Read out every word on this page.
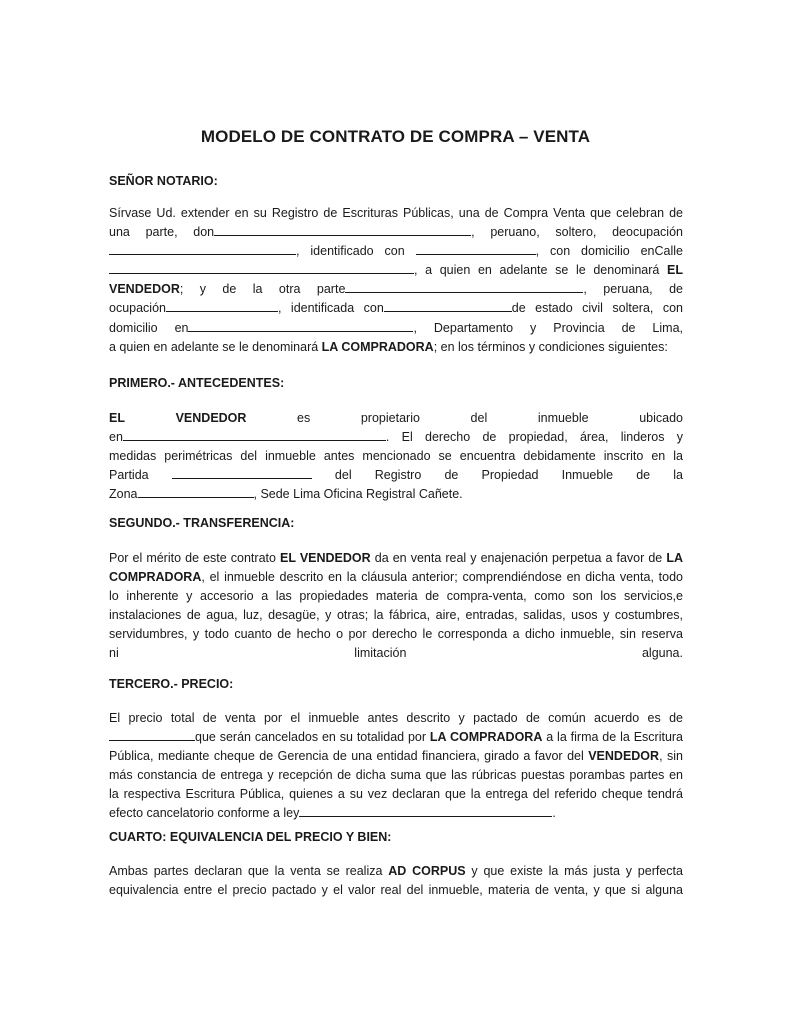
MODELO DE CONTRATO DE COMPRA – VENTA

SEÑOR NOTARIO:

Sírvase Ud. extender en su Registro de Escrituras Públicas, una de Compra Venta que celebran de
una parte, don	, peruano, soltero, deocupación
, identificado con	, con domicilio enCalle
, a quien en adelante se le denominará EL
VENDEDOR; y de la otra parte	, peruana, de
ocupación	, identificada con	de estado civil soltera, con
domicilio en	, Departamento y Provincia de Lima,
a quien en adelante se le denominará LA COMPRADORA; en los términos y condiciones siguientes:

PRIMERO.- ANTECEDENTES:

EL	VENDEDOR	es	propietario	del	inmueble	ubicado
en	. El derecho de propiedad, área, linderos y
medidas perimétricas del inmueble antes mencionado se encuentra debidamente inscrito en la
Partida	del Registro de Propiedad Inmueble de la
Zona	, Sede Lima Oficina Registral Cañete.

SEGUNDO.- TRANSFERENCIA:

Por el mérito de este contrato EL VENDEDOR da en venta real y enajenación perpetua a favor de LA
COMPRADORA, el inmueble descrito en la cláusula anterior; comprendiéndose en dicha venta, todo
lo inherente y accesorio a las propiedades materia de compra-venta, como son los servicios,e
instalaciones de agua, luz, desagüe, y otras; la fábrica, aire, entradas, salidas, usos y costumbres,
servidumbres, y todo cuanto de hecho o por derecho le corresponda a dicho inmueble, sin reserva
ni	limitación	alguna.

TERCERO.- PRECIO:

El precio total de venta por el inmueble antes descrito y pactado de común acuerdo es de
que serán cancelados en su totalidad por LA COMPRADORA a la firma de la Escritura
Pública, mediante cheque de Gerencia de una entidad financiera, girado a favor del VENDEDOR, sin
más constancia de entrega y recepción de dicha suma que las rúbricas puestas porambas partes en
la respectiva Escritura Pública, quienes a su vez declaran que la entrega del referido cheque tendrá
efecto cancelatorio conforme a ley	.

CUARTO: EQUIVALENCIA DEL PRECIO Y BIEN:

Ambas partes declaran que la venta se realiza AD CORPUS y que existe la más justa y perfecta
equivalencia entre el precio pactado y el valor real del inmueble, materia de venta, y que si alguna
